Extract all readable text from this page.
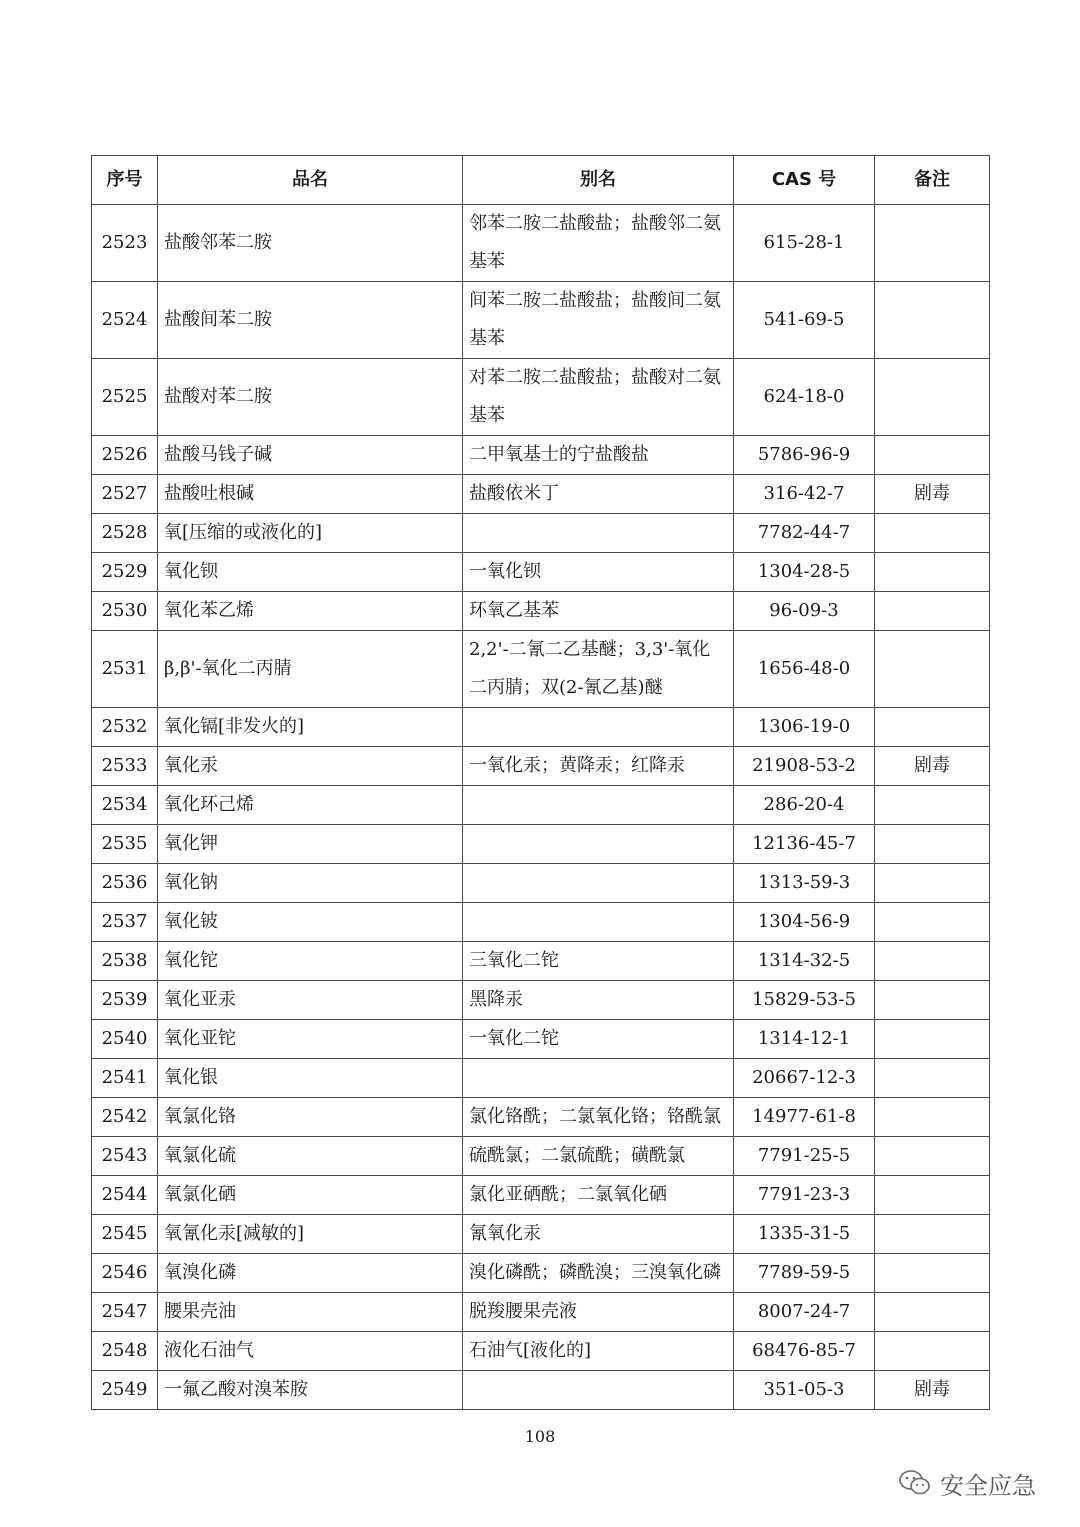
序号	品名	别名	CAS 号	备注
2523	盐酸邻苯二胺	邻苯二胺二盐酸盐；盐酸邻二氨基苯	615-28-1	
2524	盐酸间苯二胺	间苯二胺二盐酸盐；盐酸间二氨基苯	541-69-5	
2525	盐酸对苯二胺	对苯二胺二盐酸盐；盐酸对二氨基苯	624-18-0	
2526	盐酸马钱子碱	二甲氧基士的宁盐酸盐	5786-96-9	
2527	盐酸吐根碱	盐酸依米丁	316-42-7	剧毒
2528	氧[压缩的或液化的]		7782-44-7	
2529	氧化钡	一氧化钡	1304-28-5	
2530	氧化苯乙烯	环氧乙基苯	96-09-3	
2531	β,β'-氧化二丙腈	2,2'-二氰二乙基醚；3,3'-氧化二丙腈；双(2-氰乙基)醚	1656-48-0	
2532	氧化镉[非发火的]		1306-19-0	
2533	氧化汞	一氧化汞；黄降汞；红降汞	21908-53-2	剧毒
2534	氧化环己烯		286-20-4	
2535	氧化钾		12136-45-7	
2536	氧化钠		1313-59-3	
2537	氧化铍		1304-56-9	
2538	氧化铊	三氧化二铊	1314-32-5	
2539	氧化亚汞	黑降汞	15829-53-5	
2540	氧化亚铊	一氧化二铊	1314-12-1	
2541	氧化银		20667-12-3	
2542	氧氯化铬	氯化铬酰；二氯氧化铬；铬酰氯	14977-61-8	
2543	氧氯化硫	硫酰氯；二氯硫酰；磺酰氯	7791-25-5	
2544	氧氯化硒	氯化亚硒酰；二氯氧化硒	7791-23-3	
2545	氧氰化汞[减敏的]	氰氧化汞	1335-31-5	
2546	氧溴化磷	溴化磷酰；磷酰溴；三溴氧化磷	7789-59-5	
2547	腰果壳油	脱羧腰果壳液	8007-24-7	
2548	液化石油气	石油气[液化的]	68476-85-7	
2549	一氟乙酸对溴苯胺		351-05-3	剧毒
108
安全应急
